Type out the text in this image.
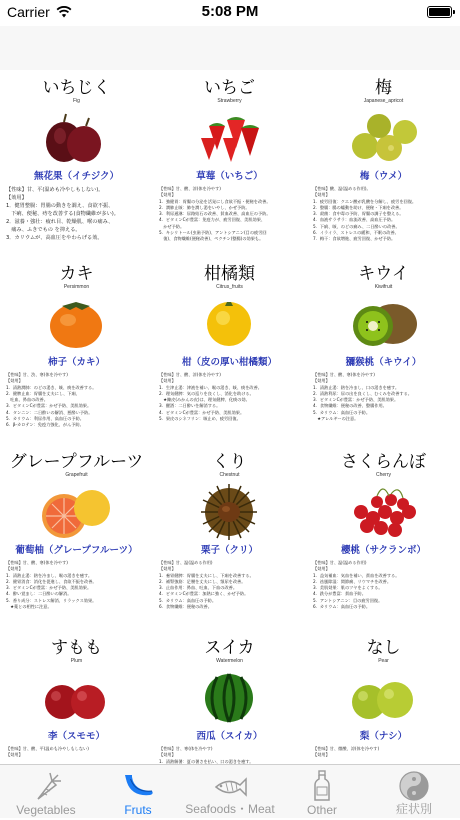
Carrier	5:08 PM
いちじく
Fig
無花果（イチジク）
【性味】甘、平(温めも冷やしもしない)。
【効用】
1．健胃整腸：胃腸の動きを調え、食欲不振、
　下痢、便秘、痔を改善する(食物繊維が多い)。
2．滋養・強壮：疲れ目、乾燥肌、喉の痛み、
　痛み、ふきでもの を抑える。
3．カリウムが、高血圧をやわらげる効。
いちご
Strawberry
草莓（いちご）
【性味】甘、酸、涼(体を冷やす)
【効用】
1．強健胃：胃腸の分泌を活発にし食欲不振・便秘を改善。
2．潤肺止咳：肺を潤し渇をいやし、かぜ予防。
3．利尿通淋：尿路結石の改善、貧血改善、高血圧の予防。
4．ビタミンCが豊富：免疫力が、疲労回復、美肌効果、
　かぜ予防。
5．キシリトール(虫歯予防)、アントシアニン(目の疲労回
　復)、食物繊維(便秘改善)、ペクチン(整腸)の効果も。
梅
Japanese_apricot
梅（ウメ）
【性味】酸、温(温める作用)。
【効用】
1．疲労回復：クエン酸が乳酸を分解し、疲労を回復。
2．整腸：腸の蠕動を助け、便秘・下痢を改善。
3．殺菌：食中毒の予防、胃腸の調子を整える。
4．血液サラサラ：血流改善、高血圧予防。
5．下痢、咳、のどの痛み、二日酔いの改善。
6．イライラ、ストレスの緩和、不眠の改善。
7．梅干：食欲増進、疲労回復、かぜ予防。
カキ
Persimmon
柿子（カキ）
【性味】甘、渋、寒(体を冷やす)
【効用】
1．清熱潤肺：のどの渇き、咳、痰を改善する。
2．健脾止血：胃腸を丈夫にし、下痢、
　吐血、鼻血の改善。
3．ビタミンCが豊富：かぜ予防、美肌効果。
4．タンニン：二日酔いの解消、悪酔い予防。
5．カリウム：利尿作用、高血圧の予防。
6．β-カロテン：免疫力強化、がん予防。
柑橘類
Citrus_fruits
柑（皮の厚い柑橘類）
【性味】甘、酸、涼(体を冷やす)
【効用】
1．生津止渇：津液を補い、喉の渇き、咳、痰を改善。
2．理気健脾：気の巡りを良くし、消化を助ける。
　★陳皮(みかんの皮)は、理気健脾、化痰の効。
3．醒酒：二日酔いを解消する。
4．ビタミンCが豊富：かぜ予防、美肌効果。
5．果皮のシネフリン：咳止め、疲労回復。
キウイ
Kiwifruit
獼猴桃（キウイ）
【性味】甘、酸、寒(体を冷やす)
【効用】
1．清熱止渇：熱を冷まし、口の渇きを癒す。
2．清熱利尿：尿の出を良くし、むくみを改善する。
3．ビタミンCが豊富：かぜ予防、美肌効果。
4．食物繊維：便秘の改善、整腸作用。
5．カリウム：高血圧の予防。
　★アレルギーの注意。
グレープフルーツ
Grapefruit
葡萄柚（グレープフルーツ）
【性味】甘、酸、寒(体を冷やす)
【効用】
1．清熱止渇：熱を冷まし、喉の渇きを癒す。
2．健胃消食：消化を促進し、食欲不振を改善。
3．ビタミンCが豊富：かぜ予防、美肌効果。
4．酔い覚まし：二日酔いの解消。
5．香り成分：ストレス解消、リラックス効果。
　★薬との相性に注意。
くり
Chestnut
栗子（クリ）
【性味】甘、温(温める作用)
【効用】
1．養胃健脾：胃腸を丈夫にし、下痢を改善する。
2．補腎強筋：足腰を丈夫にし、頻尿を改善。
3．止血作用：鼻血、吐血、下血の改善。
4．ビタミンCが豊富：加熱に強く、かぜ予防。
5．カリウム：高血圧の予防。
6．食物繊維：便秘の改善。
さくらんぼ
Cherry
櫻桃（サクランボ）
【性味】甘、温(温める作用)
【効用】
1．益気補血：気血を補い、貧血を改善する。
2．祛風除湿：関節痛、リウマチを改善。
3．美肌効果：肌のツヤをよくする。
4．鉄分が豊富：貧血予防。
5．アントシアニン：目の疲労回復。
6．カリウム：高血圧の予防。
すもも
Plum
李（スモモ）
【性味】甘、酸、平(温めも冷やしもしない)
【効用】
スイカ
Watermelon
西瓜（スイカ）
【性味】甘、寒(体を冷やす)
【効用】
1．清熱解暑：夏の暑さを払い、口の渇きを癒す。
なし
Pear
梨（ナシ）
【性味】甘、微酸、涼(体を冷やす)
【効用】
Vegetables	Fruts	Seafoods・Meat	Other	症状別
